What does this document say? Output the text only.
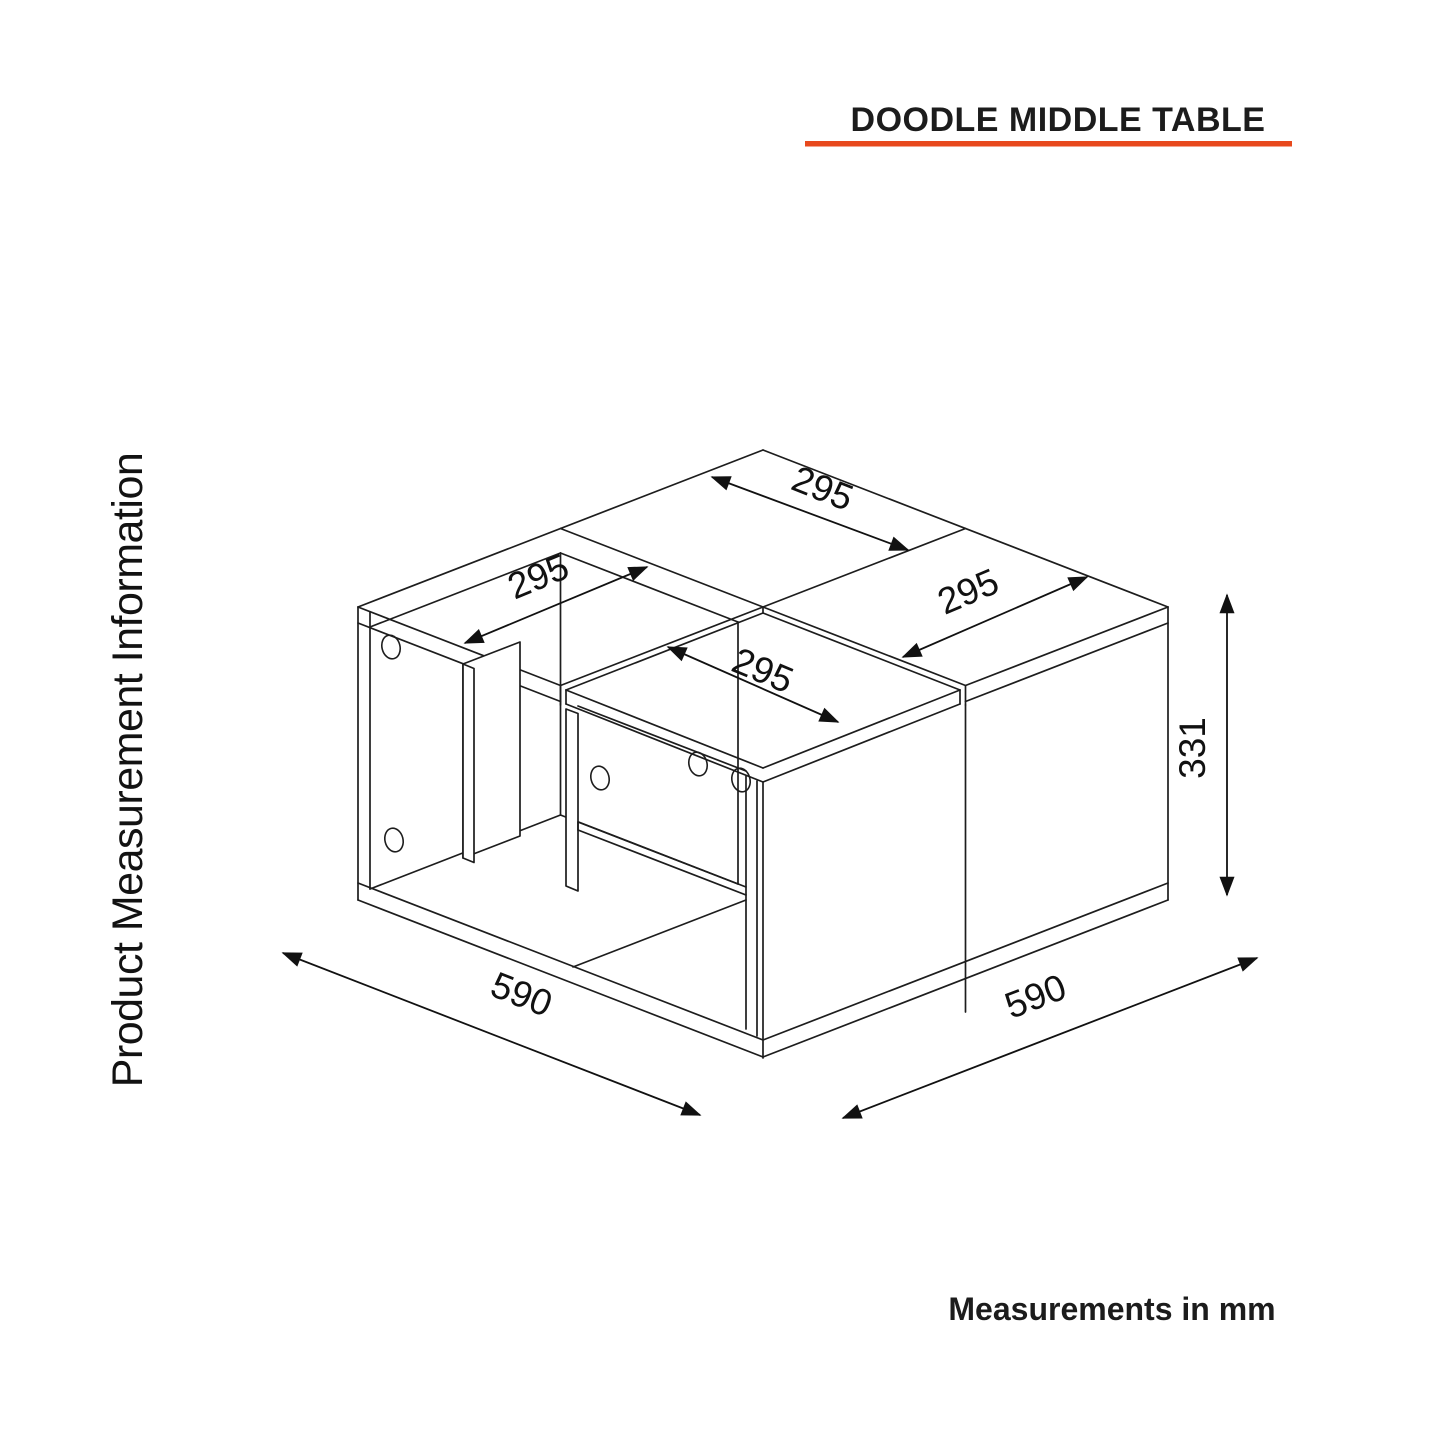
295
295	295
295
331
590	590
DOODLE MIDDLE TABLE
Product Measurement Information
Measurements in mm
